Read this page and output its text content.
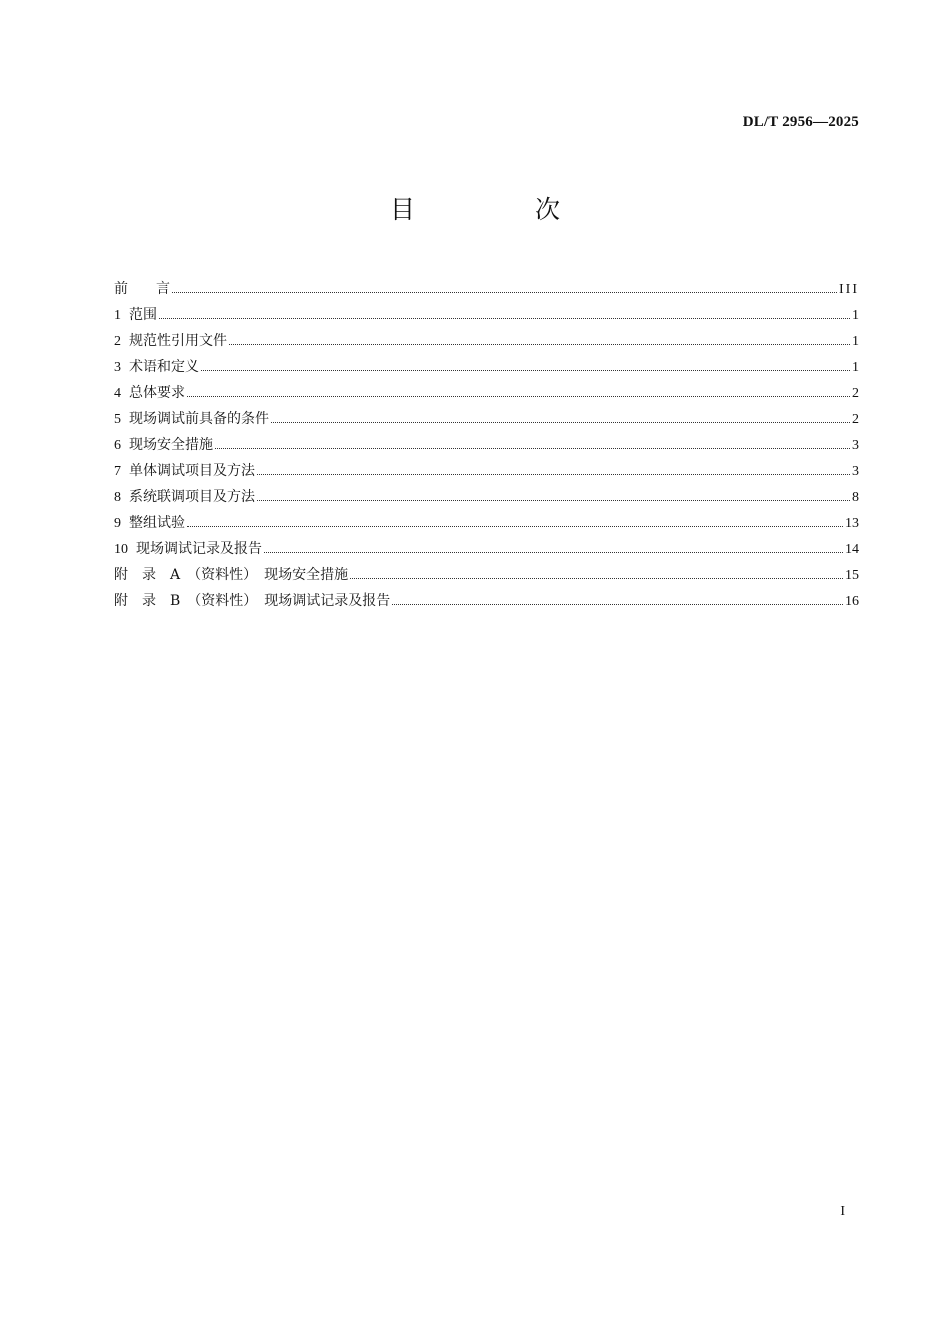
DL/T 2956—2025
目 次
前　　言	III
1 范围	1
2 规范性引用文件	1
3 术语和定义	1
4 总体要求	2
5 现场调试前具备的条件	2
6 现场安全措施	3
7 单体调试项目及方法	3
8 系统联调项目及方法	8
9 整组试验	13
10 现场调试记录及报告	14
附　录　A　（资料性）　现场安全措施	15
附　录　B　（资料性）　现场调试记录及报告	16
I
